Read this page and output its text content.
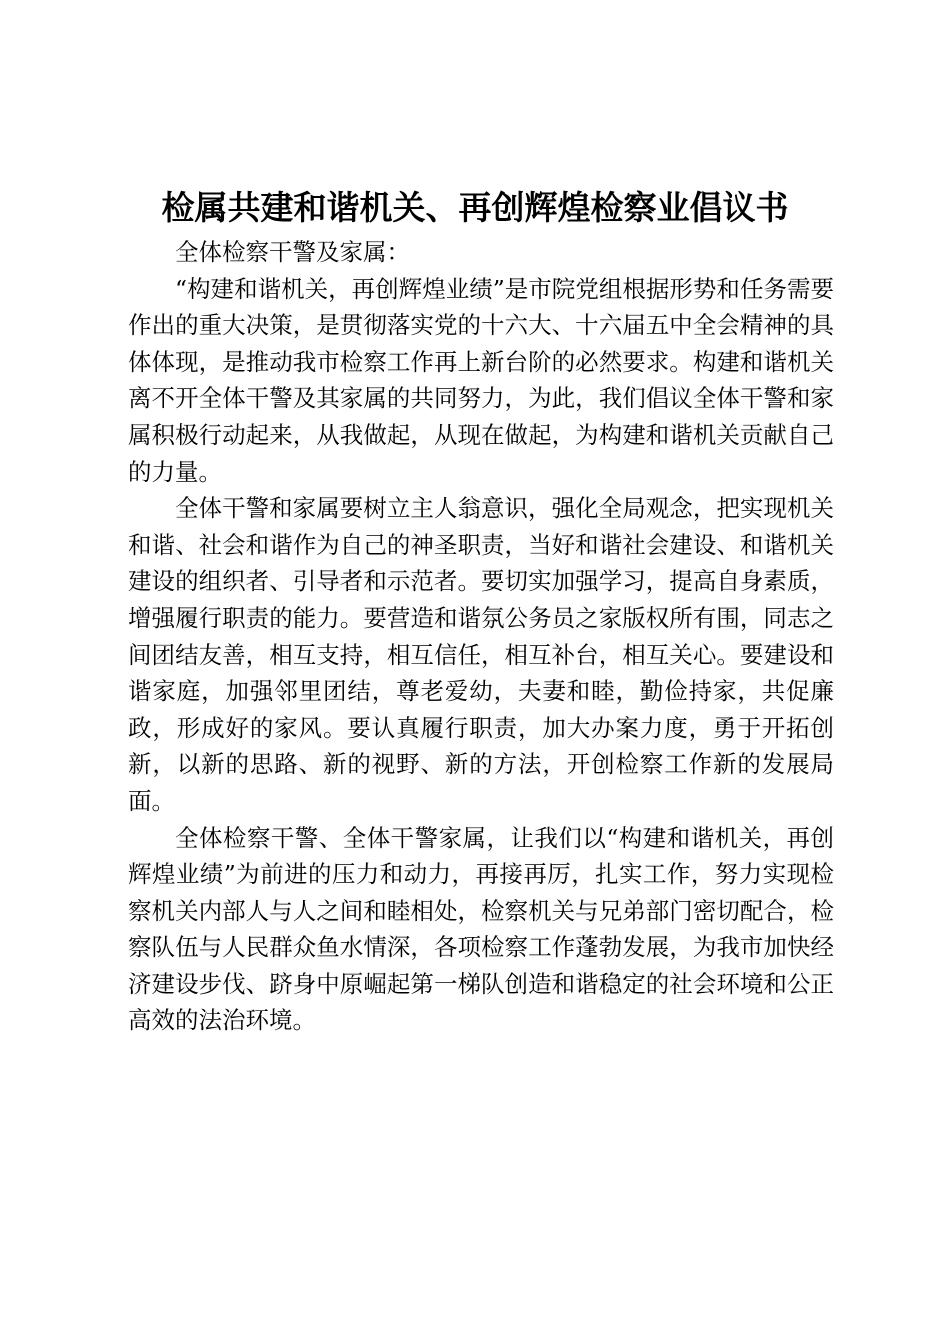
检属共建和谐机关、再创辉煌检察业倡议书

全体检察干警及家属：

“构建和谐机关，再创辉煌业绩”是市院党组根据形势和任务需要作出的重大决策，是贯彻落实党的十六大、十六届五中全会精神的具体体现，是推动我市检察工作再上新台阶的必然要求。构建和谐机关离不开全体干警及其家属的共同努力，为此，我们倡议全体干警和家属积极行动起来，从我做起，从现在做起，为构建和谐机关贡献自己的力量。

全体干警和家属要树立主人翁意识，强化全局观念，把实现机关和谐、社会和谐作为自己的神圣职责，当好和谐社会建设、和谐机关建设的组织者、引导者和示范者。要切实加强学习，提高自身素质，增强履行职责的能力。要营造和谐氛公务员之家版权所有围，同志之间团结友善，相互支持，相互信任，相互补台，相互关心。要建设和谐家庭，加强邻里团结，尊老爱幼，夫妻和睦，勤俭持家，共促廉政，形成好的家风。要认真履行职责，加大办案力度，勇于开拓创新，以新的思路、新的视野、新的方法，开创检察工作新的发展局面。

全体检察干警、全体干警家属，让我们以“构建和谐机关，再创辉煌业绩”为前进的压力和动力，再接再厉，扎实工作，努力实现检察机关内部人与人之间和睦相处，检察机关与兄弟部门密切配合，检察队伍与人民群众鱼水情深，各项检察工作蓬勃发展，为我市加快经济建设步伐、跻身中原崛起第一梯队创造和谐稳定的社会环境和公正高效的法治环境。
